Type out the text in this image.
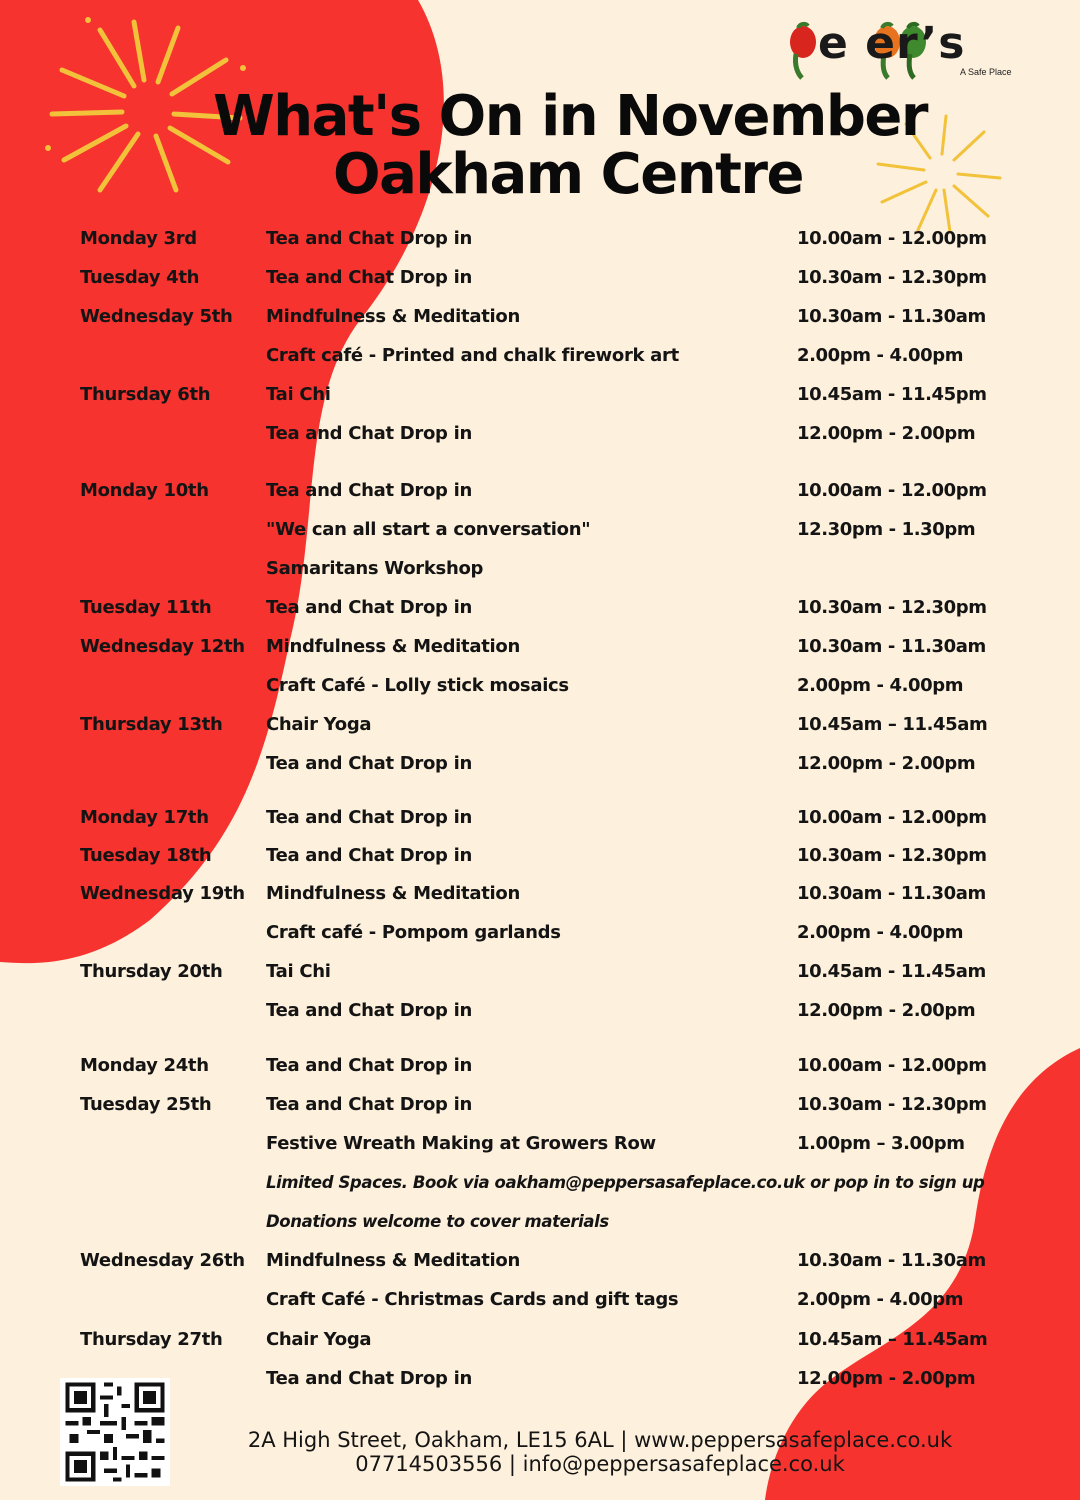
e er’s
A Safe Place
What's On in November
Oakham Centre
Monday 3rd	Tea and Chat Drop in	10.00am - 12.00pm
Tuesday 4th	Tea and Chat Drop in	10.30am - 12.30pm
Wednesday 5th Mindfulness & Meditation	10.30am - 11.30am
Craft café - Printed and chalk firework art	2.00pm - 4.00pm
Thursday 6th	Tai Chi	10.45am - 11.45pm
Tea and Chat Drop in	12.00pm - 2.00pm
Monday 10th	Tea and Chat Drop in	10.00am - 12.00pm
"We can all start a conversation"	12.30pm - 1.30pm
Samaritans Workshop
Tuesday 11th	Tea and Chat Drop in	10.30am - 12.30pm
Wednesday 12th Mindfulness & Meditation	10.30am - 11.30am
Craft Café - Lolly stick mosaics	2.00pm - 4.00pm
Thursday 13th Chair Yoga	10.45am – 11.45am
Tea and Chat Drop in	12.00pm - 2.00pm
Monday 17th	Tea and Chat Drop in	10.00am - 12.00pm
Tuesday 18th	Tea and Chat Drop in	10.30am - 12.30pm
Wednesday 19th Mindfulness & Meditation	10.30am - 11.30am
Craft café - Pompom garlands	2.00pm - 4.00pm
Thursday 20th Tai Chi	10.45am - 11.45am
Tea and Chat Drop in	12.00pm - 2.00pm
Monday 24th	Tea and Chat Drop in	10.00am - 12.00pm
Tuesday 25th	Tea and Chat Drop in	10.30am - 12.30pm
Festive Wreath Making at Growers Row	1.00pm – 3.00pm
Limited Spaces. Book via oakham@peppersasafeplace.co.uk or pop in to sign up
Donations welcome to cover materials
Wednesday 26th Mindfulness & Meditation	10.30am - 11.30am
Craft Café - Christmas Cards and gift tags	2.00pm - 4.00pm
Thursday 27th Chair Yoga	10.45am – 11.45am
Tea and Chat Drop in	12.00pm - 2.00pm
2A High Street, Oakham, LE15 6AL | www.peppersasafeplace.co.uk
07714503556 | info@peppersasafeplace.co.uk
